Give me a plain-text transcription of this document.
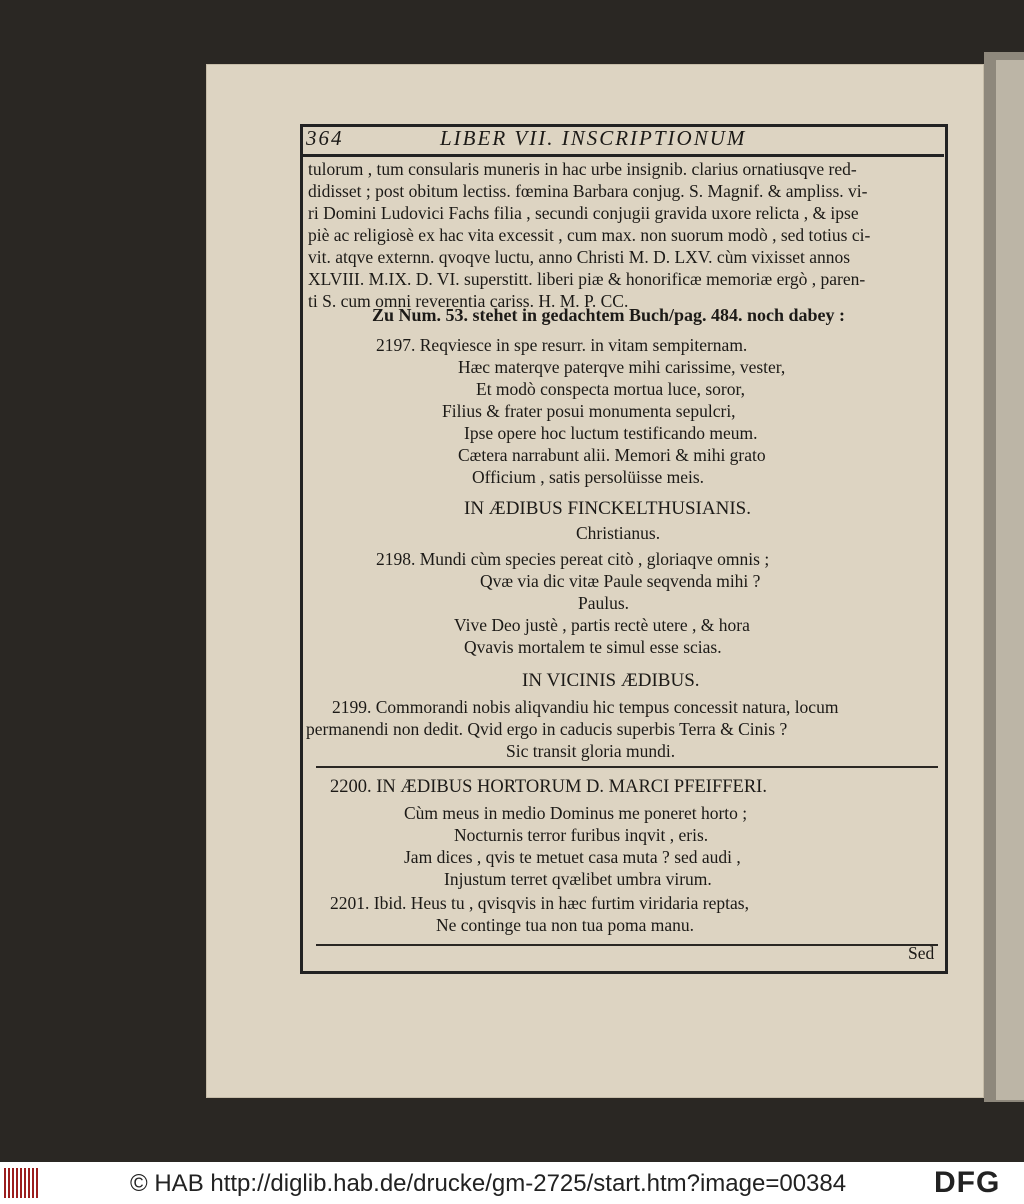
364	LIBER VII. INSCRIPTIONUM
tulorum , tum consularis muneris in hac urbe insignib. clarius ornatiusqve red-
didisset ; post obitum lectiss. fœmina Barbara conjug. S. Magnif. & ampliss. vi-
ri Domini Ludovici Fachs filia , secundi conjugii gravida uxore relicta , & ipse
piè ac religiosè ex hac vita excessit , cum max. non suorum modò , sed totius ci-
vit. atqve externn. qvoqve luctu, anno Christi M. D. LXV. cùm vixisset annos
XLVIII. M.IX. D. VI. superstitt. liberi piæ & honorificæ memoriæ ergò , paren-
ti S. cum omni reverentia cariss. H. M. P. CC.
Zu Num. 53. stehet in gedachtem Buch/pag. 484. noch dabey :
2197. Reqviesce in spe resurr. in vitam sempiternam.
Hæc materqve paterqve mihi carissime, vester,
Et modò conspecta mortua luce, soror,
Filius & frater posui monumenta sepulcri,
Ipse opere hoc luctum testificando meum.
Cætera narrabunt alii. Memori & mihi grato
Officium , satis persolüisse meis.
IN ÆDIBUS FINCKELTHUSIANIS.
Christianus.
2198. Mundi cùm species pereat citò , gloriaqve omnis ;
Qvæ via dic vitæ Paule seqvenda mihi ?
Paulus.
Vive Deo justè , partis rectè utere , & hora
Qvavis mortalem te simul esse scias.
IN VICINIS ÆDIBUS.
2199. Commorandi nobis aliqvandiu hic tempus concessit natura, locum
permanendi non dedit. Qvid ergo in caducis superbis Terra & Cinis ?
Sic transit gloria mundi.
2200. IN ÆDIBUS HORTORUM D. MARCI PFEIFFERI.
Cùm meus in medio Dominus me poneret horto ;
Nocturnis terror furibus inqvit , eris.
Jam dices , qvis te metuet casa muta ? sed audi ,
Injustum terret qvælibet umbra virum.
2201. Ibid. Heus tu , qvisqvis in hæc furtim viridaria reptas,
Ne continge tua non tua poma manu.
Sed
© HAB http://diglib.hab.de/drucke/gm-2725/start.htm?image=00384	DFG
